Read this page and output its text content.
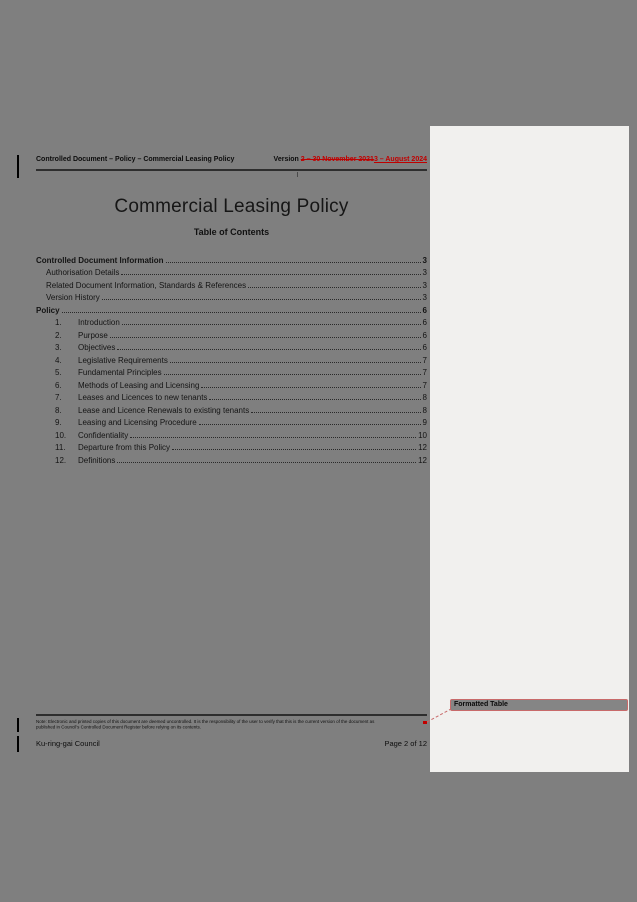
Controlled Document – Policy – Commercial Leasing Policy	Version 2 – 30 November 20213 – August 2024
Commercial Leasing Policy
Table of Contents
Controlled Document Information	3
Authorisation Details	3
Related Document Information, Standards & References	3
Version History	3
Policy	6
1.	Introduction	6
2.	Purpose	6
3.	Objectives	6
4.	Legislative Requirements	7
5.	Fundamental Principles	7
6.	Methods of Leasing and Licensing	7
7.	Leases and Licences to new tenants	8
8.	Lease and Licence Renewals to existing tenants	8
9.	Leasing and Licensing Procedure	9
10.	Confidentiality	10
11.	Departure from this Policy	12
12.	Definitions	12
Note: Electronic and printed copies of this document are deemed uncontrolled. It is the responsibility of the user to verify that this is the current version of the document as
published in Council's Controlled Document Register before relying on its contents.
Ku-ring-gai Council	Page 2 of 12
Formatted Table
